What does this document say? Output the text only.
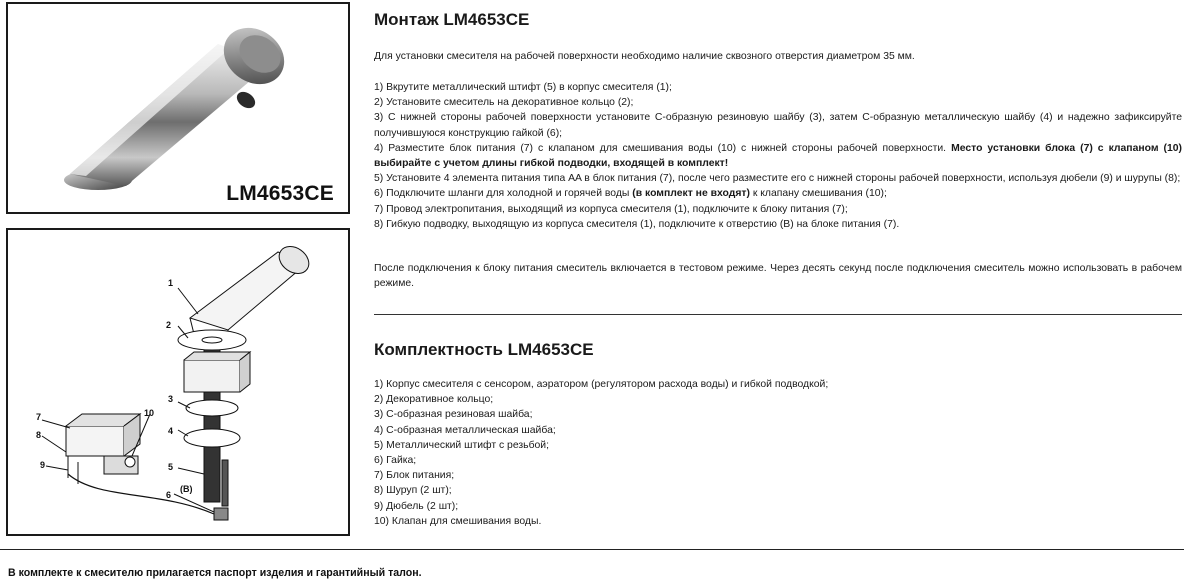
LM4653CE
1
2
3
4
5
6
7
8
9
10
(B)
Монтаж LM4653CE

Для установки смесителя на рабочей поверхности необходимо наличие сквозного отверстия диаметром 35 мм.

1) Вкрутите металлический штифт (5) в корпус смесителя (1);

2) Установите смеситель на декоративное кольцо (2);

3) С нижней стороны рабочей поверхности установите С-образную резиновую шайбу (3), затем С-образную металлическую шайбу (4) и надежно зафиксируйте получившуюся конструкцию гайкой (6);

4) Разместите блок питания (7) с клапаном для смешивания воды (10) с нижней стороны рабочей поверхности. Место установки блока (7) с клапаном (10) выбирайте с учетом длины гибкой подводки, входящей в комплект!

5) Установите 4 элемента питания типа AA в блок питания (7), после чего разместите его с нижней стороны рабочей поверхности, используя дюбели (9) и шурупы (8);

6) Подключите шланги для холодной и горячей воды (в комплект не входят) к клапану смешивания (10);

7) Провод электропитания, выходящий из корпуса смесителя (1), подключите к блоку питания (7);

8) Гибкую подводку, выходящую из корпуса смесителя (1), подключите к отверстию (B) на блоке питания (7).

После подключения к блоку питания смеситель включается в тестовом режиме. Через десять секунд после подключения смеситель можно использовать в рабочем режиме.

Комплектность LM4653CE

1) Корпус смесителя с сенсором, аэратором (регулятором расхода воды) и гибкой подводкой;

2) Декоративное кольцо;

3) С-образная резиновая шайба;

4) С-образная металлическая шайба;

5) Металлический штифт с резьбой;

6) Гайка;

7) Блок питания;

8) Шуруп (2 шт);

9) Дюбель (2 шт);

10) Клапан для смешивания воды.

В комплекте к смесителю прилагается паспорт изделия и гарантийный талон.
